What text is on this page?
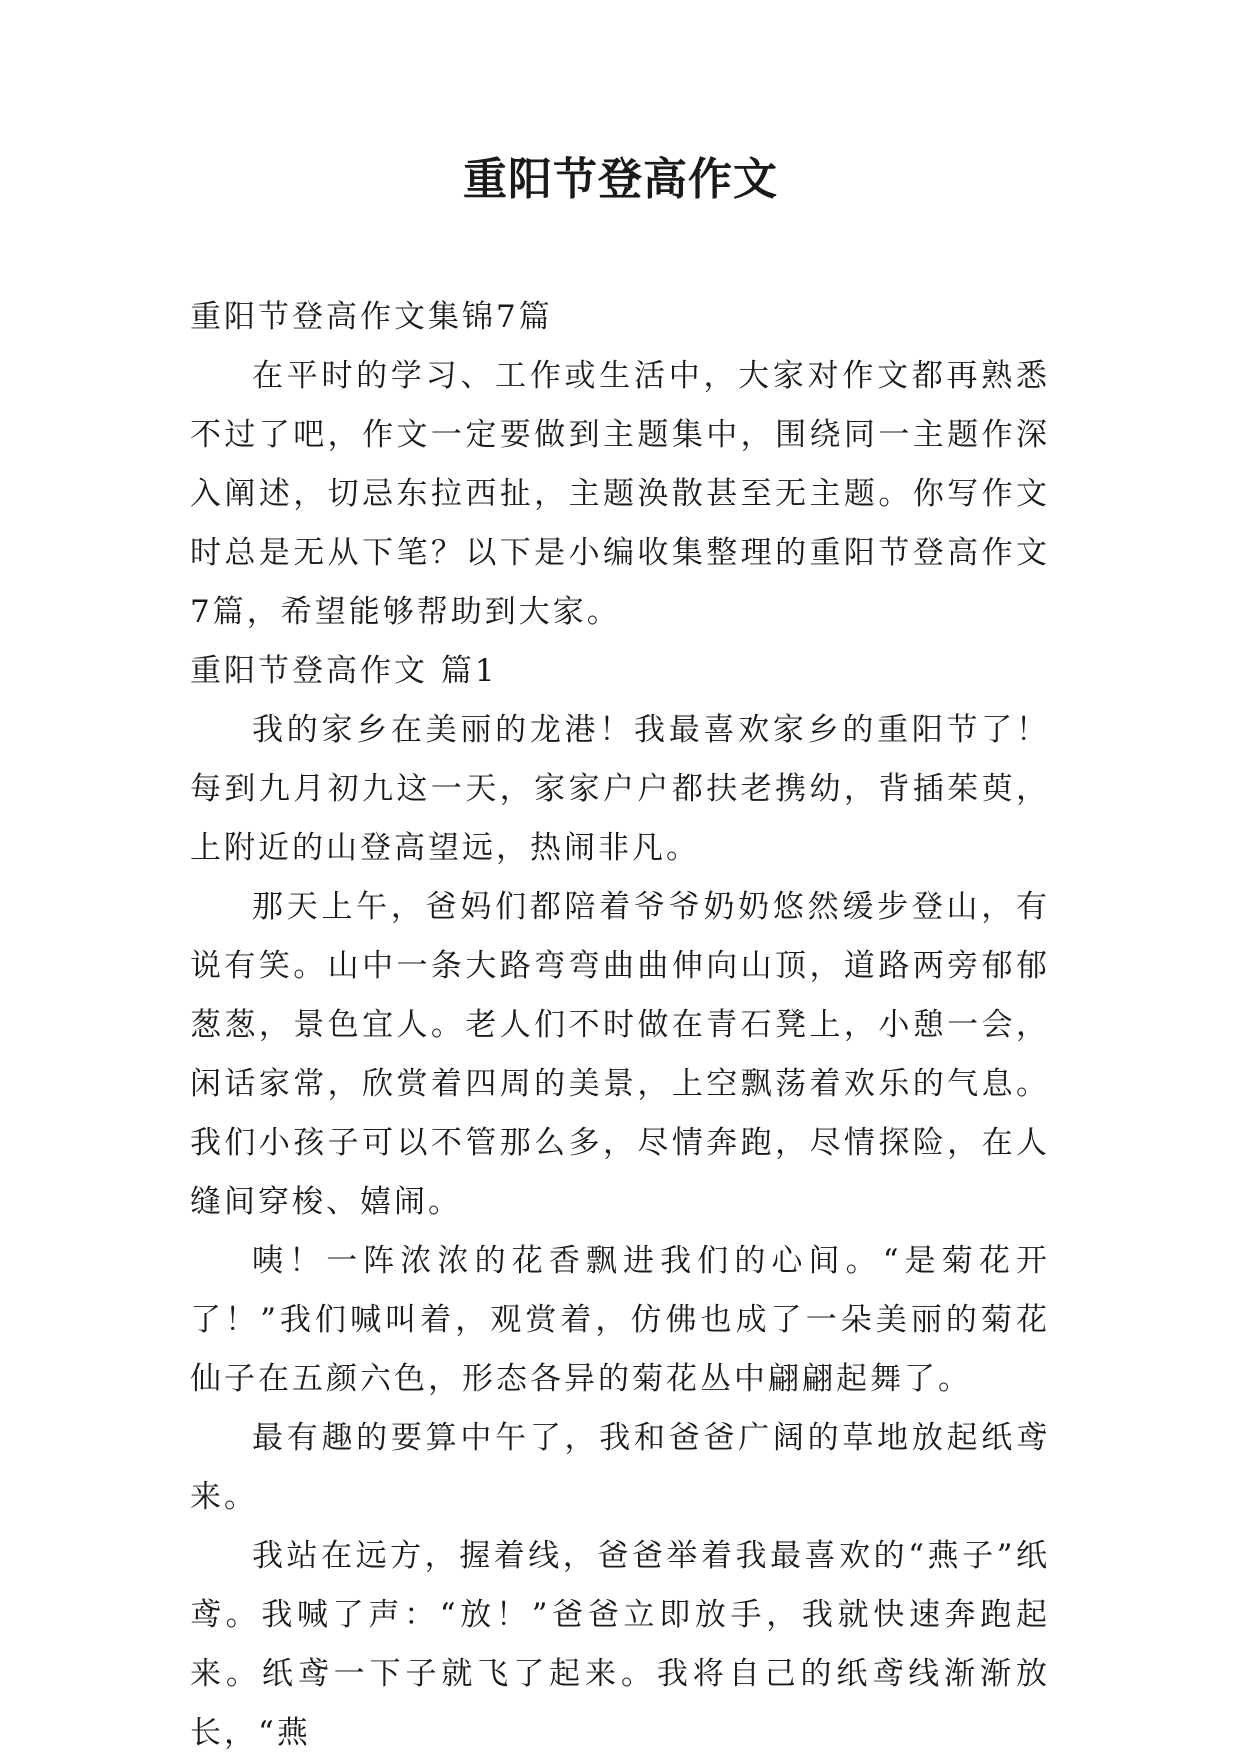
重阳节登高作文

重阳节登高作文集锦7篇

在平时的学习、工作或生活中，大家对作文都再熟悉不过了吧，作文一定要做到主题集中，围绕同一主题作深入阐述，切忌东拉西扯，主题涣散甚至无主题。你写作文时总是无从下笔？以下是小编收集整理的重阳节登高作文7篇，希望能够帮助到大家。

重阳节登高作文 篇1

我的家乡在美丽的龙港！我最喜欢家乡的重阳节了！每到九月初九这一天，家家户户都扶老携幼，背插茱萸，上附近的山登高望远，热闹非凡。

那天上午，爸妈们都陪着爷爷奶奶悠然缓步登山，有说有笑。山中一条大路弯弯曲曲伸向山顶，道路两旁郁郁葱葱，景色宜人。老人们不时做在青石凳上，小憩一会，闲话家常，欣赏着四周的美景，上空飘荡着欢乐的气息。我们小孩子可以不管那么多，尽情奔跑，尽情探险，在人缝间穿梭、嬉闹。

咦！一阵浓浓的花香飘进我们的心间。“是菊花开了！”我们喊叫着，观赏着，仿佛也成了一朵美丽的菊花仙子在五颜六色，形态各异的菊花丛中翩翩起舞了。

最有趣的要算中午了，我和爸爸广阔的草地放起纸鸢来。

我站在远方，握着线，爸爸举着我最喜欢的“燕子”纸鸢。我喊了声：“放！”爸爸立即放手，我就快速奔跑起来。纸鸢一下子就飞了起来。我将自己的纸鸢线渐渐放长，“燕
